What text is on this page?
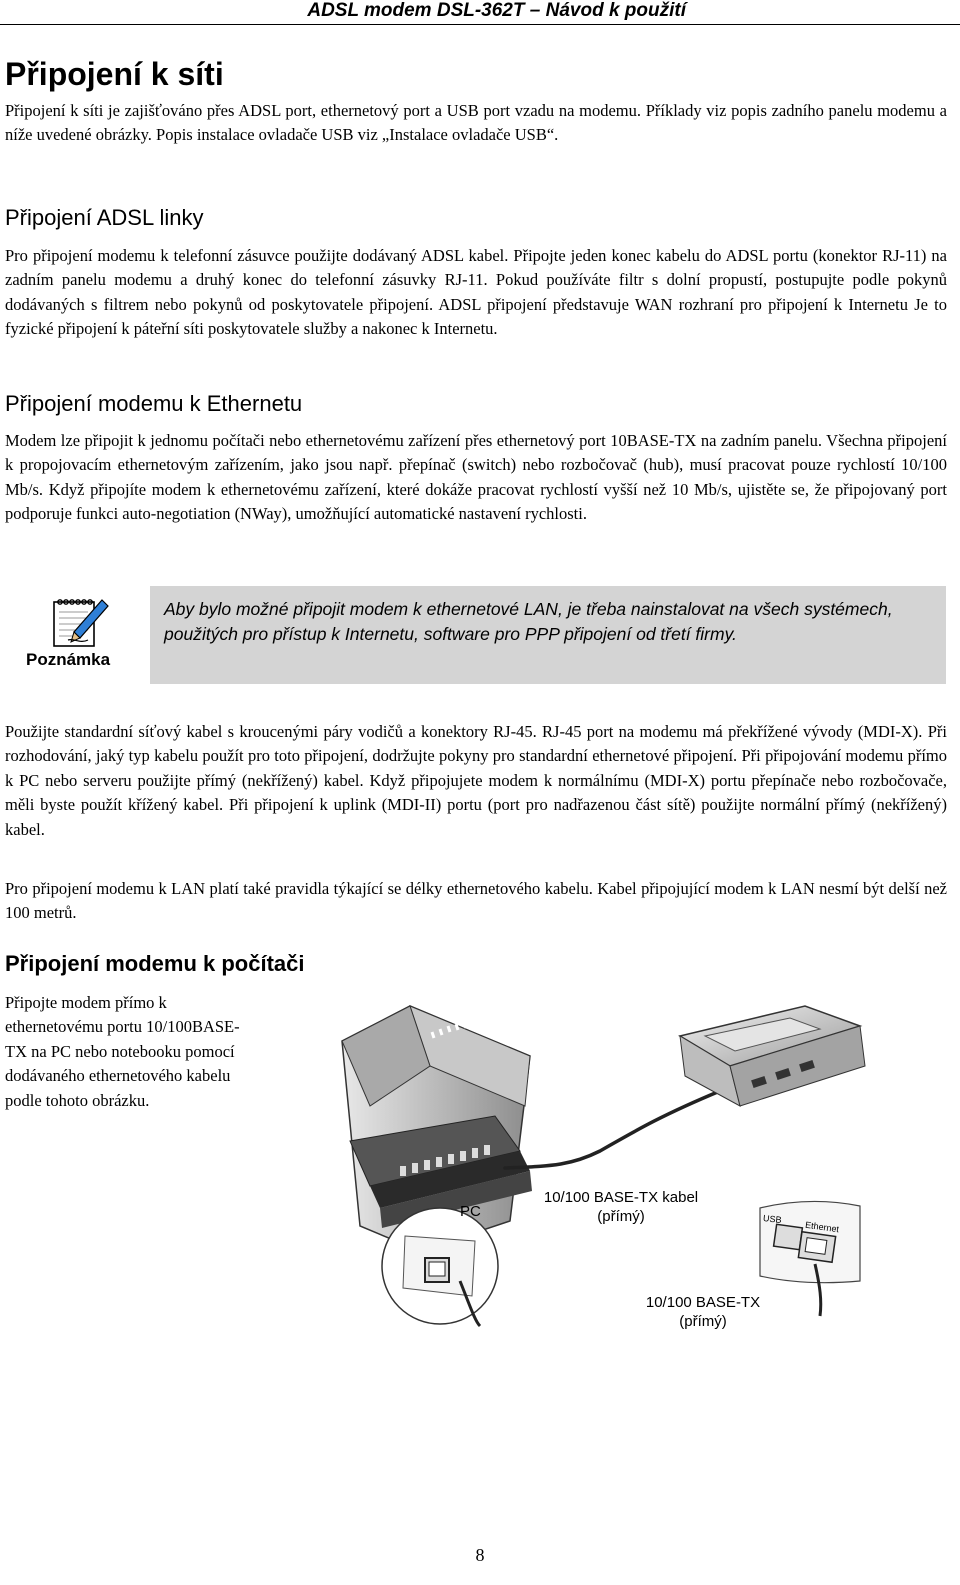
ADSL modem DSL-362T – Návod k použití
Připojení k síti

Připojení k síti je zajišťováno přes ADSL port, ethernetový port a USB port vzadu na modemu. Příklady viz popis zadního panelu modemu a níže uvedené obrázky. Popis instalace ovladače USB viz „Instalace ovladače USB“.

Připojení ADSL linky

Pro připojení modemu k telefonní zásuvce použijte dodávaný ADSL kabel. Připojte jeden konec kabelu do ADSL portu (konektor RJ-11) na zadním panelu modemu a druhý konec do telefonní zásuvky RJ-11. Pokud používáte filtr s dolní propustí, postupujte podle pokynů dodávaných s filtrem nebo pokynů od poskytovatele připojení. ADSL připojení představuje WAN rozhraní pro připojení k Internetu Je to fyzické připojení k páteřní síti poskytovatele služby a nakonec k Internetu.

Připojení modemu k Ethernetu

Modem lze připojit k jednomu počítači nebo ethernetovému zařízení přes ethernetový port 10BASE-TX na zadním panelu. Všechna připojení k propojovacím ethernetovým zařízením, jako jsou např. přepínač (switch) nebo rozbočovač (hub), musí pracovat pouze rychlostí 10/100 Mb/s. Když připojíte modem k ethernetovému zařízení, které dokáže pracovat rychlostí vyšší než 10 Mb/s, ujistěte se, že připojovaný port podporuje funkci auto-negotiation (NWay), umožňující automatické nastavení rychlosti.

Poznámka
Aby bylo možné připojit modem k ethernetové LAN, je třeba nainstalovat na všech systémech, použitých pro přístup k Internetu, software pro PPP připojení od třetí firmy.

Použijte standardní síťový kabel s kroucenými páry vodičů a konektory RJ-45. RJ-45 port na modemu má překřížené vývody (MDI-X). Při rozhodování, jaký typ kabelu použít pro toto připojení, dodržujte pokyny pro standardní ethernetové připojení. Při připojování modemu přímo k PC nebo serveru použijte přímý (nekřížený) kabel. Když připojujete modem k normálnímu (MDI-X) portu přepínače nebo rozbočovače, měli byste použít křížený kabel. Při připojení k uplink (MDI-II) portu (port pro nadřazenou část sítě) použijte normální přímý (nekřížený) kabel.

Pro připojení modemu k LAN platí také pravidla týkající se délky ethernetového kabelu. Kabel připojující modem k LAN nesmí být delší než 100 metrů.

Připojení modemu k počítači
Připojte modem přímo k ethernetovému portu 10/100BASE-TX na PC nebo notebooku pomocí dodávaného ethernetového kabelu podle tohoto obrázku.
PC
10/100 BASE-TX kabel
(přímý)	USB
Ethernet
10/100 BASE-TX
(přímý)
8
